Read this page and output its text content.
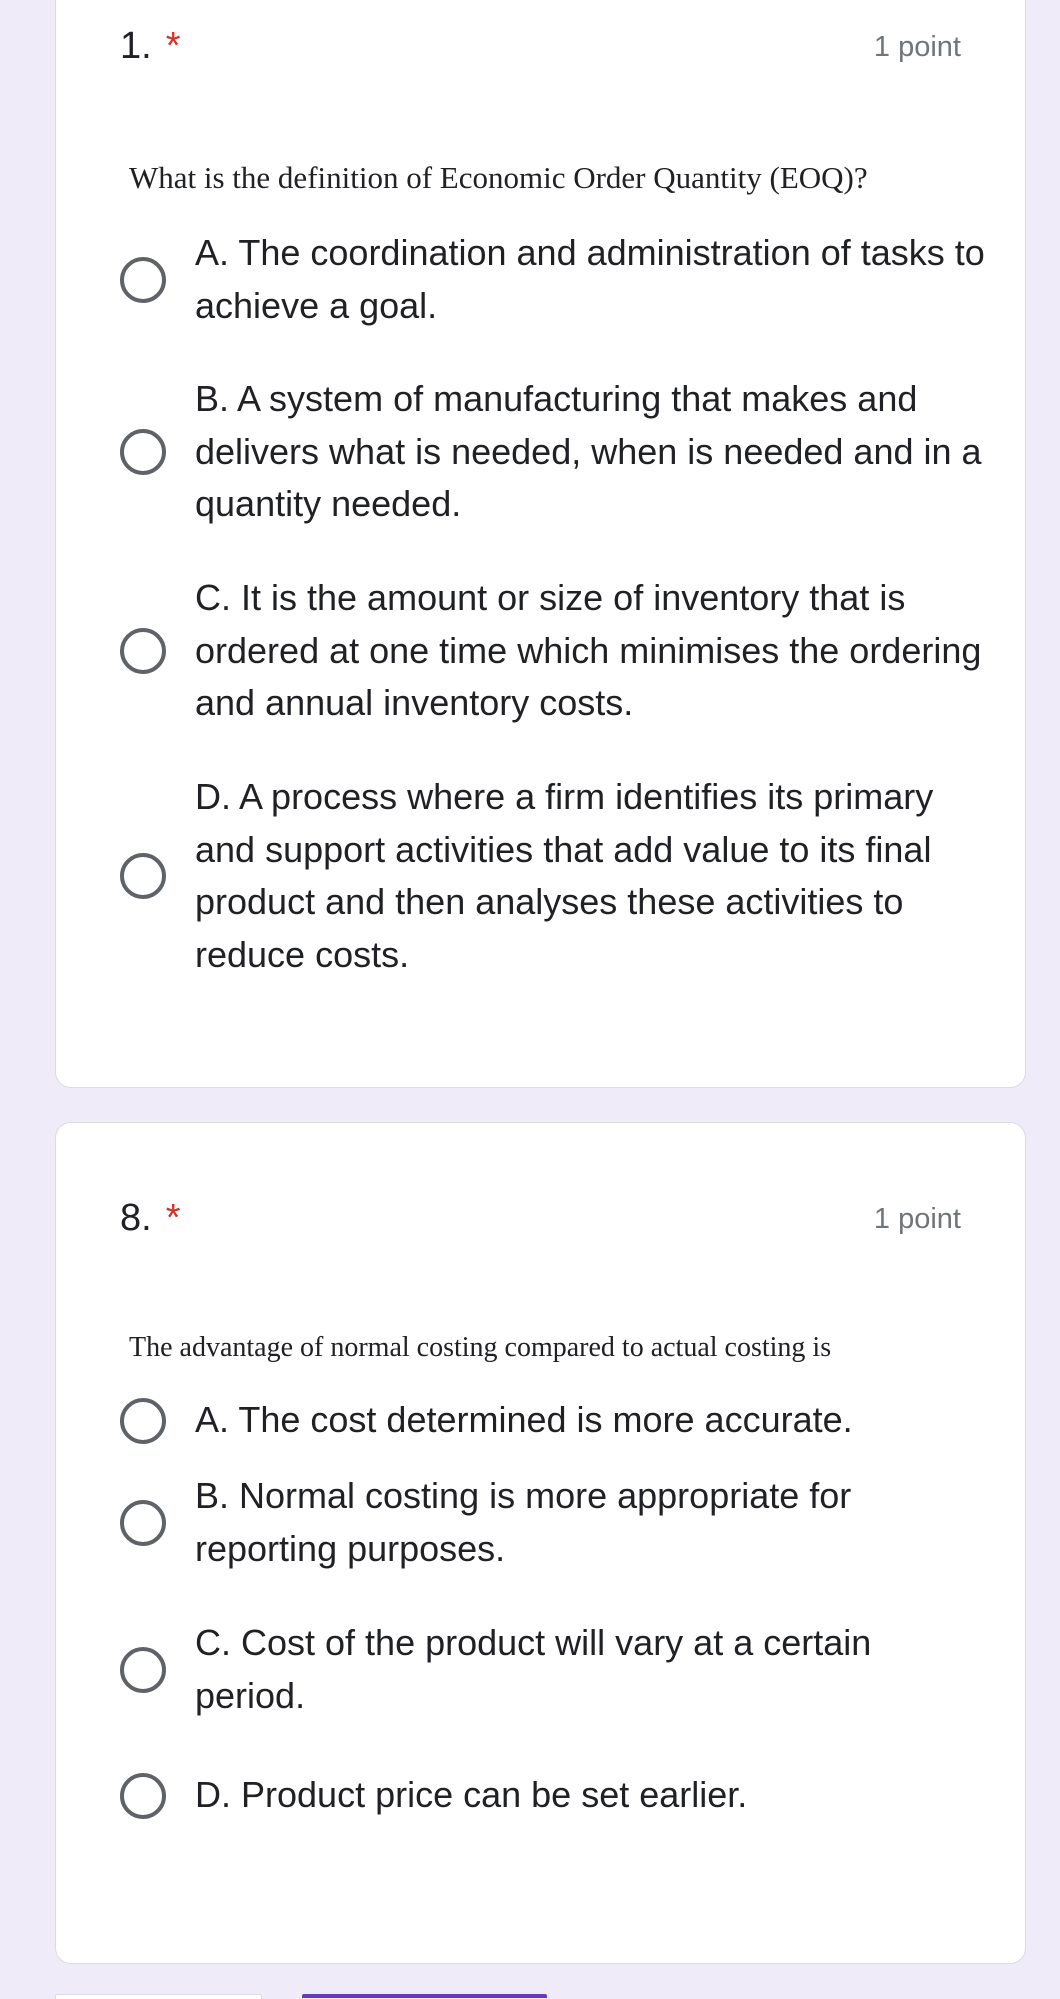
1. *	1 point
What is the definition of Economic Order Quantity (EOQ)?
A. The coordination and administration of tasks to achieve a goal.
B. A system of manufacturing that makes and delivers what is needed, when is needed and in a quantity needed.
C. It is the amount or size of inventory that is ordered at one time which minimises the ordering and annual inventory costs.
D. A process where a firm identifies its primary and support activities that add value to its final product and then analyses these activities to reduce costs.
8. *	1 point
The advantage of normal costing compared to actual costing is
A. The cost determined is more accurate.
B. Normal costing is more appropriate for reporting purposes.
C. Cost of the product will vary at a certain period.
D. Product price can be set earlier.
